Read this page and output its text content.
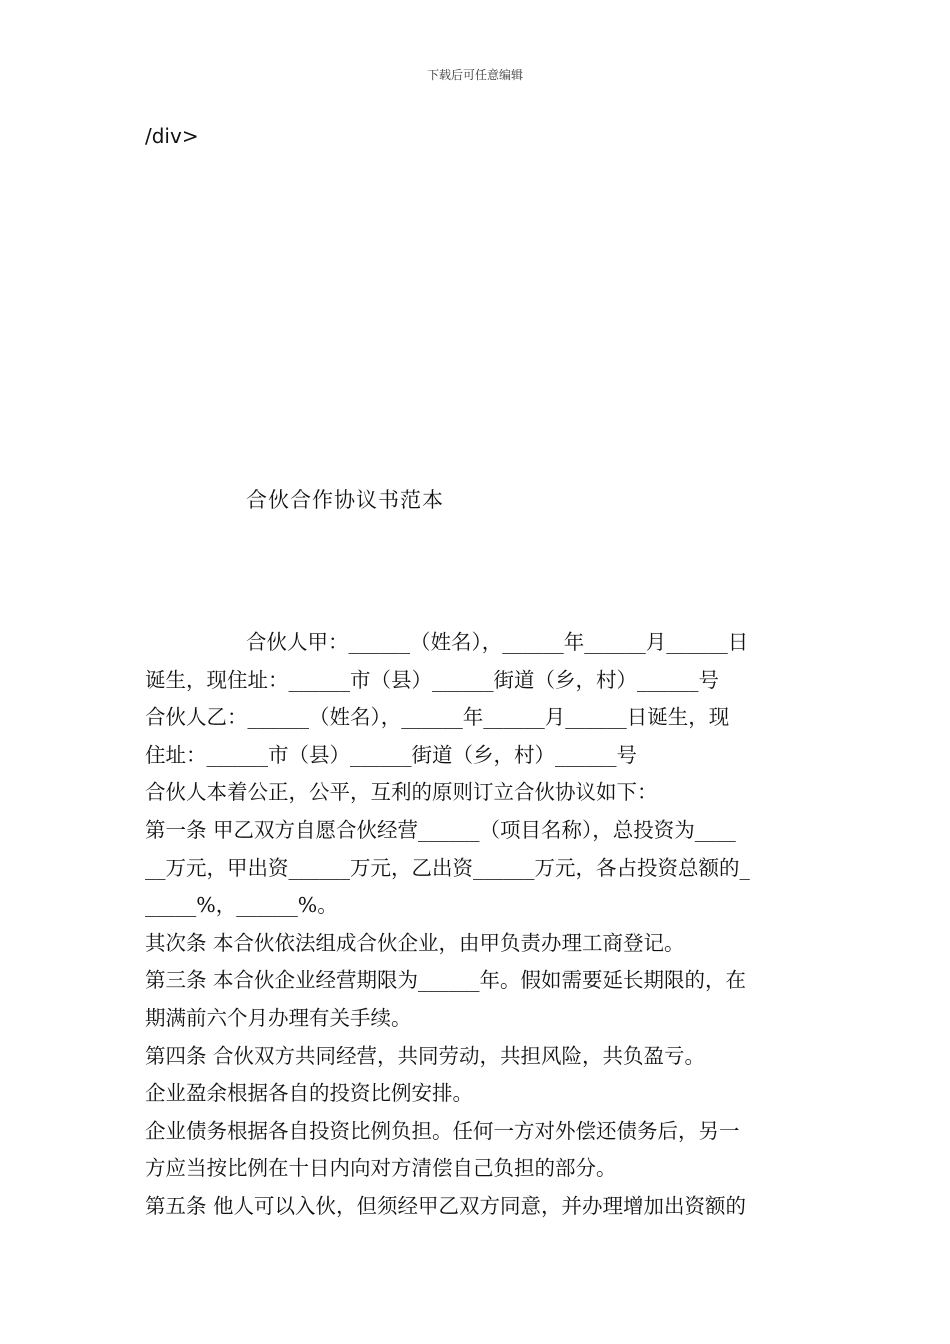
下载后可任意编辑
/div>
合伙合作协议书范本

合伙人甲：______（姓名），______年______月______日

诞生，现住址：______市（县）______街道（乡，村）______号

合伙人乙：______（姓名），______年______月______日诞生，现

住址：______市（县）______街道（乡，村）______号

合伙人本着公正，公平，互利的原则订立合伙协议如下：

第一条 甲乙双方自愿合伙经营______（项目名称），总投资为____

__万元，甲出资______万元，乙出资______万元，各占投资总额的_

_____%，______%。

其次条 本合伙依法组成合伙企业，由甲负责办理工商登记。

第三条 本合伙企业经营期限为______年。假如需要延长期限的，在

期满前六个月办理有关手续。

第四条 合伙双方共同经营，共同劳动，共担风险，共负盈亏。

企业盈余根据各自的投资比例安排。

企业债务根据各自投资比例负担。任何一方对外偿还债务后，另一

方应当按比例在十日内向对方清偿自己负担的部分。

第五条 他人可以入伙，但须经甲乙双方同意，并办理增加出资额的
